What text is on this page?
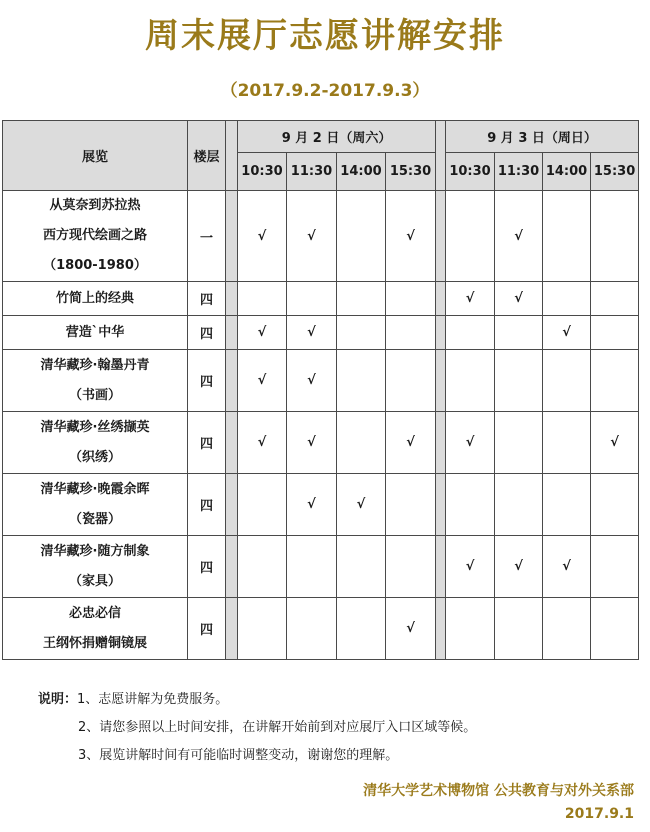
周末展厅志愿讲解安排
（2017.9.2-2017.9.3）
展览	楼层		9 月 2 日（周六）					9 月 3 日（周日）			
			10:30	11:30	14:00	15:30		10:30	11:30	14:00	15:30

从莫奈到苏拉热
西方现代绘画之路
（1800-1980）	一		√	√		√			√		

竹简上的经典	四							√	√		

营造`中华	四		√	√						√	

清华藏珍·翰墨丹青
（书画）	四		√	√							

清华藏珍·丝绣撷英
（织绣）	四		√	√		√		√			√

清华藏珍·晚霞余晖
（瓷器）	四			√	√						

清华藏珍·随方制象
（家具）	四							√	√	√	

必忠必信
王纲怀捐赠铜镜展	四					√					
说明：1、志愿讲解为免费服务。
2、请您参照以上时间安排，在讲解开始前到对应展厅入口区域等候。
3、展览讲解时间有可能临时调整变动，谢谢您的理解。
清华大学艺术博物馆 公共教育与对外关系部
2017.9.1
